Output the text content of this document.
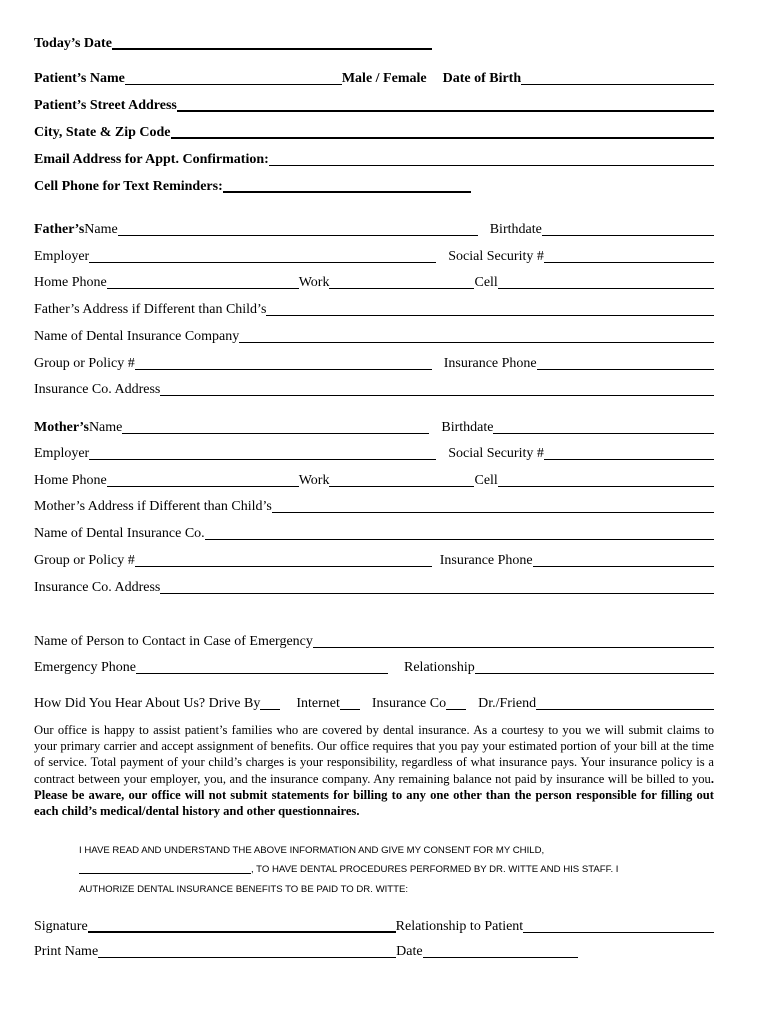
Today’s Date
Patient’s Name	Male / Female Date of Birth
Patient’s Street Address
City, State & Zip Code
Email Address for Appt. Confirmation:
Cell Phone for Text Reminders:
Father’s Name	Birthdate
Employer	Social Security #
Home Phone	Work	Cell
Father’s Address if Different than Child’s
Name of Dental Insurance Company
Group or Policy #	Insurance Phone
Insurance Co. Address
Mother’s Name	Birthdate
Employer	Social Security #
Home Phone	Work	Cell
Mother’s Address if Different than Child’s
Name of Dental Insurance Co.
Group or Policy #	Insurance Phone
Insurance Co. Address
Name of Person to Contact in Case of Emergency
Emergency Phone	Relationship
How Did You Hear About Us? Drive By	Internet Insurance Co Dr./Friend
Our office is happy to assist patient’s families who are covered by dental insurance. As a courtesy to you we will submit claims to your primary carrier and accept assignment of benefits. Our office requires that you pay your estimated portion of your bill at the time of service. Total payment of your child’s charges is your responsibility, regardless of what insurance pays. Your insurance policy is a contract between your employer, you, and the insurance company. Any remaining balance not paid by insurance will be billed to you. Please be aware, our office will not submit statements for billing to any one other than the person responsible for filling out each child’s medical/dental history and other questionnaires.
I HAVE READ AND UNDERSTAND THE ABOVE INFORMATION AND GIVE MY CONSENT FOR MY CHILD,
, TO HAVE DENTAL PROCEDURES PERFORMED BY DR. WITTE AND HIS STAFF. I
AUTHORIZE DENTAL INSURANCE BENEFITS TO BE PAID TO DR. WITTE:
Signature	Relationship to Patient
Print Name	Date
